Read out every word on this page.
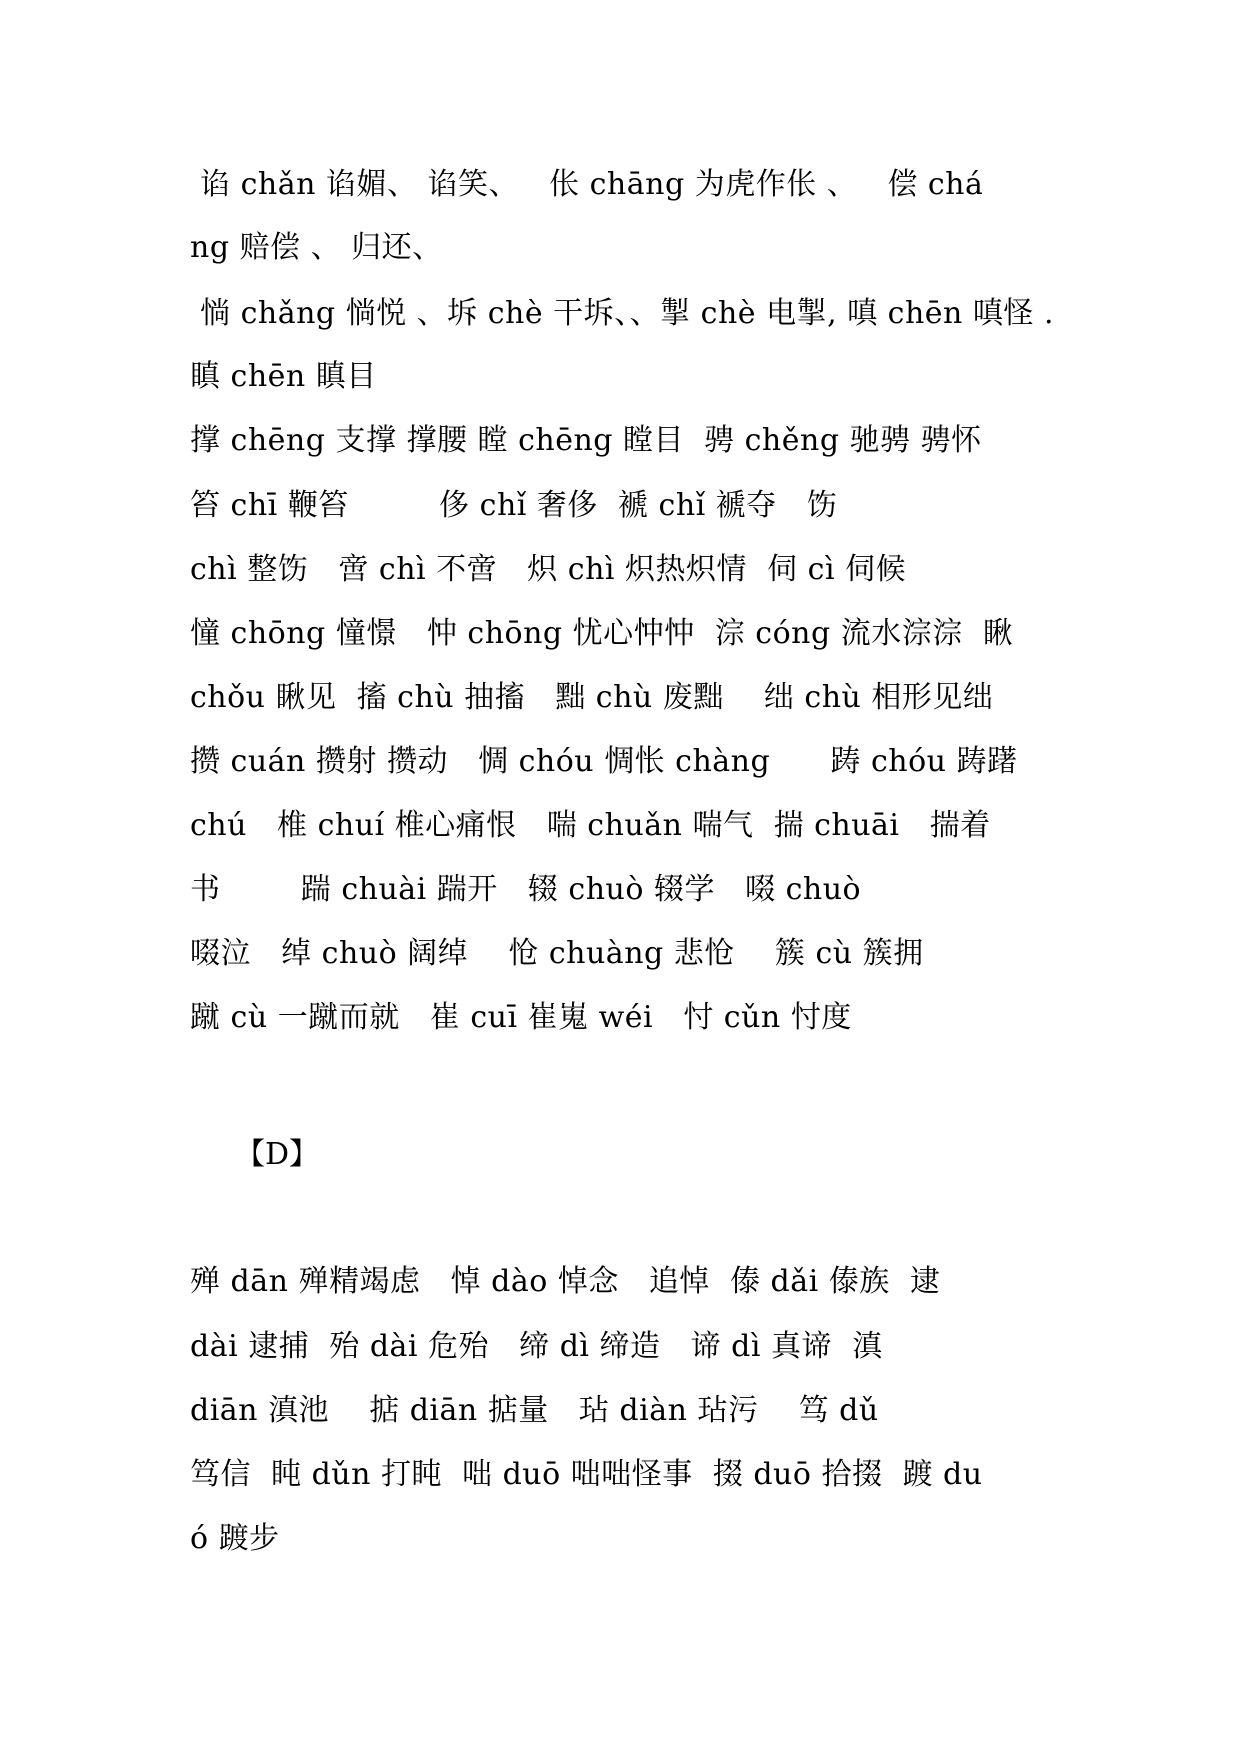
谄 chǎn 谄媚、 谄笑、   伥 chāng 为虎作伥 、   偿 chá
ng 赔偿 、 归还、
惝 chǎng 惝悦 、坼 chè 干坼、、掣 chè 电掣, 嗔 chēn 嗔怪 .
瞋 chēn 瞋目
撑 chēng 支撑 撑腰 瞠 chēng 瞠目  骋 chěng 驰骋 骋怀
笞 chī 鞭笞         侈 chǐ 奢侈  褫 chǐ 褫夺   饬
chì 整饬   啻 chì 不啻   炽 chì 炽热炽情  伺 cì 伺候
憧 chōng 憧憬   忡 chōng 忧心忡忡  淙 cóng 流水淙淙  瞅
chǒu 瞅见  搐 chù 抽搐   黜 chù 废黜    绌 chù 相形见绌
攒 cuán 攒射 攒动   惆 chóu 惆怅 chàng      踌 chóu 踌躇
chú   椎 chuí 椎心痛恨   喘 chuǎn 喘气  揣 chuāi   揣着
书        踹 chuài 踹开   辍 chuò 辍学   啜 chuò
啜泣   绰 chuò 阔绰    怆 chuàng 悲怆    簇 cù 簇拥
蹴 cù 一蹴而就   崔 cuī 崔嵬 wéi   忖 cǔn 忖度
【D】
殚 dān 殚精竭虑   悼 dào 悼念   追悼  傣 dǎi 傣族  逮
dài 逮捕  殆 dài 危殆   缔 dì 缔造   谛 dì 真谛  滇
diān 滇池    掂 diān 掂量   玷 diàn 玷污    笃 dǔ
笃信  盹 dǔn 打盹  咄 duō 咄咄怪事  掇 duō 拾掇  踱 du
ó 踱步
